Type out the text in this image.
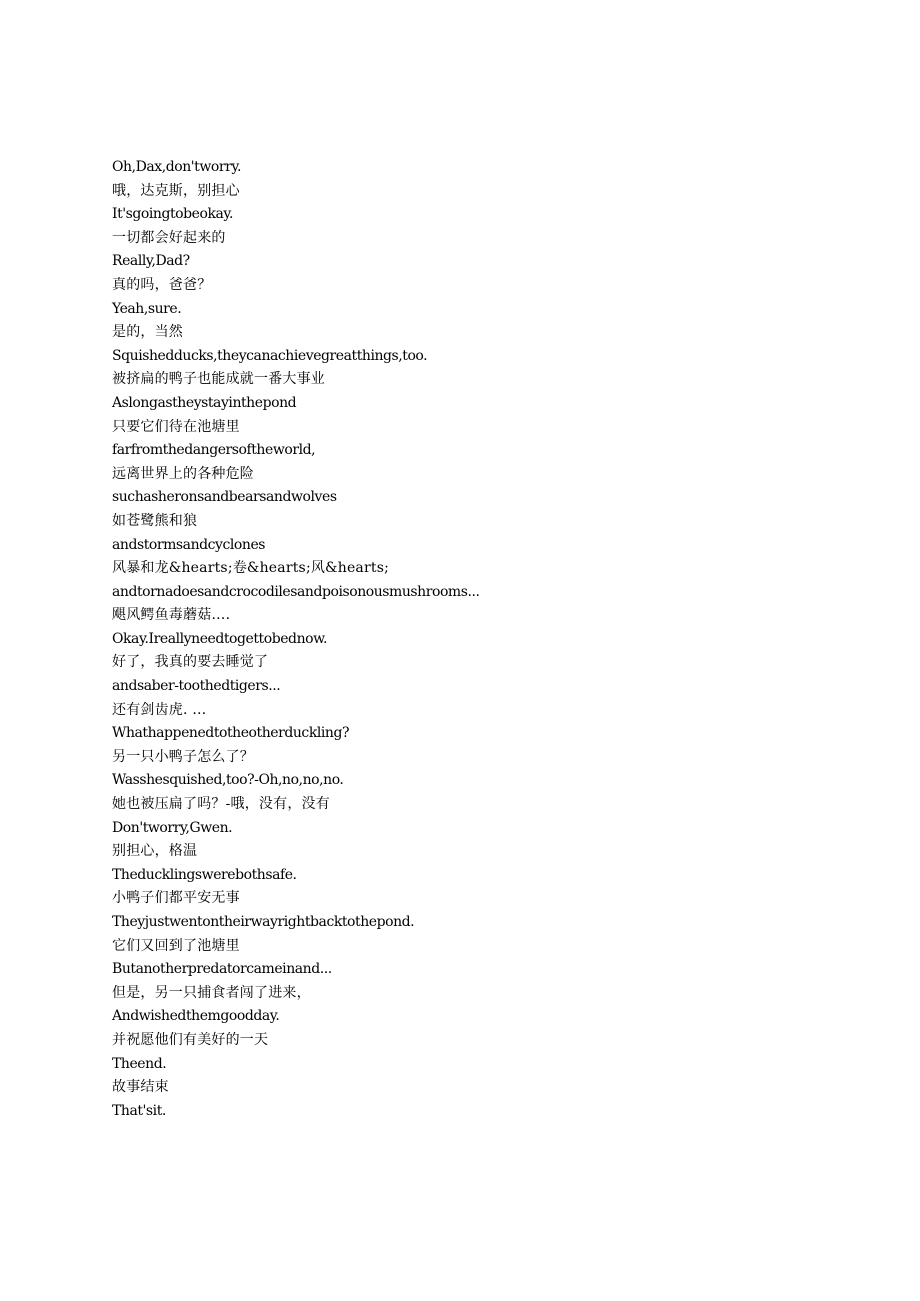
Oh,Dax,don'tworry.
哦，达克斯，别担心
It'sgoingtobeokay.
一切都会好起来的
Really,Dad?
真的吗，爸爸？
Yeah,sure.
是的，当然
Squishedducks,theycanachievegreatthings,too.
被挤扁的鸭子也能成就一番大事业
Aslongastheystayinthepond
只要它们待在池塘里
farfromthedangersoftheworld,
远离世界上的各种危险
suchasheronsandbearsandwolves
如苍鹭熊和狼
andstormsandcyclones
风暴和龙&hearts;卷&hearts;风&hearts;
andtornadoesandcrocodilesandpoisonousmushrooms...
飓风鳄鱼毒蘑菇….
Okay.Ireallyneedtogettobednow.
好了，我真的要去睡觉了
andsaber-toothedtigers...
还有剑齿虎. …
Whathappenedtotheotherduckling?
另一只小鸭子怎么了？
Wasshesquished,too?-Oh,no,no,no.
她也被压扁了吗？-哦，没有，没有
Don'tworry,Gwen.
别担心，格温
Theducklingswerebothsafe.
小鸭子们都平安无事
Theyjustwentontheirwayrightbacktothepond.
它们又回到了池塘里
Butanotherpredatorcameinand...
但是，另一只捕食者闯了进来，
Andwishedthemgoodday.
并祝愿他们有美好的一天
Theend.
故事结束
That'sit.
